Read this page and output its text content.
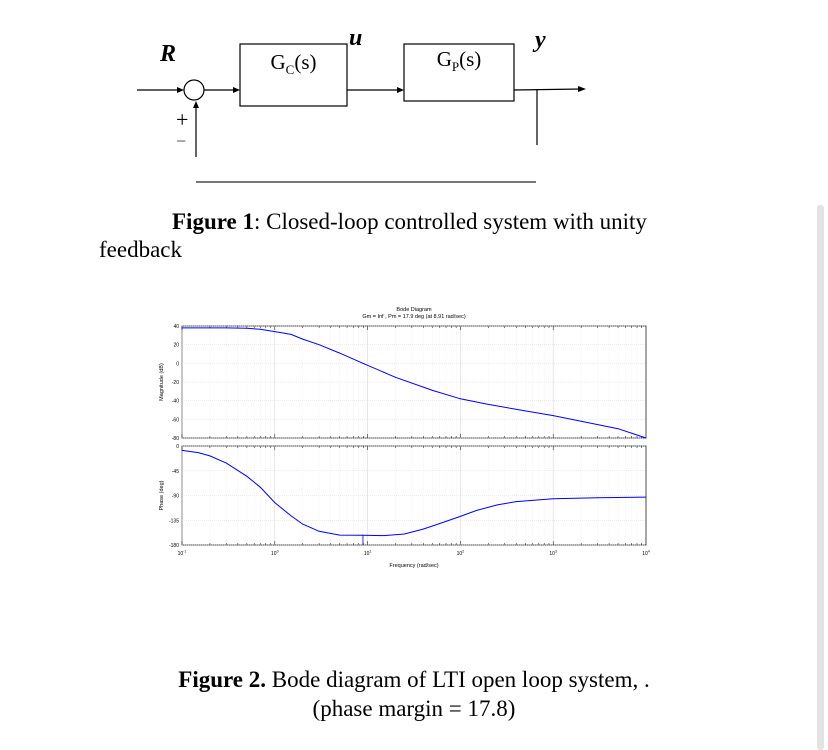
R
u	y
$G_C(s)$	$G_P(s)$
+
−
Figure 1: Closed-loop controlled system with unity
feedback
40
20
0
-20
-40
-60
-80
0
-45
-90
-135
-180
$10^{-1}$	$10^0$	$10^1$	$10^2$	$10^3$	$10^4$
Bode Diagram
Gm = Inf , Pm = 17.9 deg (at 8.91 rad/sec)
Frequency (rad/sec)
Magnitude (dB)
Phase (deg)
Figure 2. Bode diagram of LTI open loop system, .
(phase margin = 17.8)
